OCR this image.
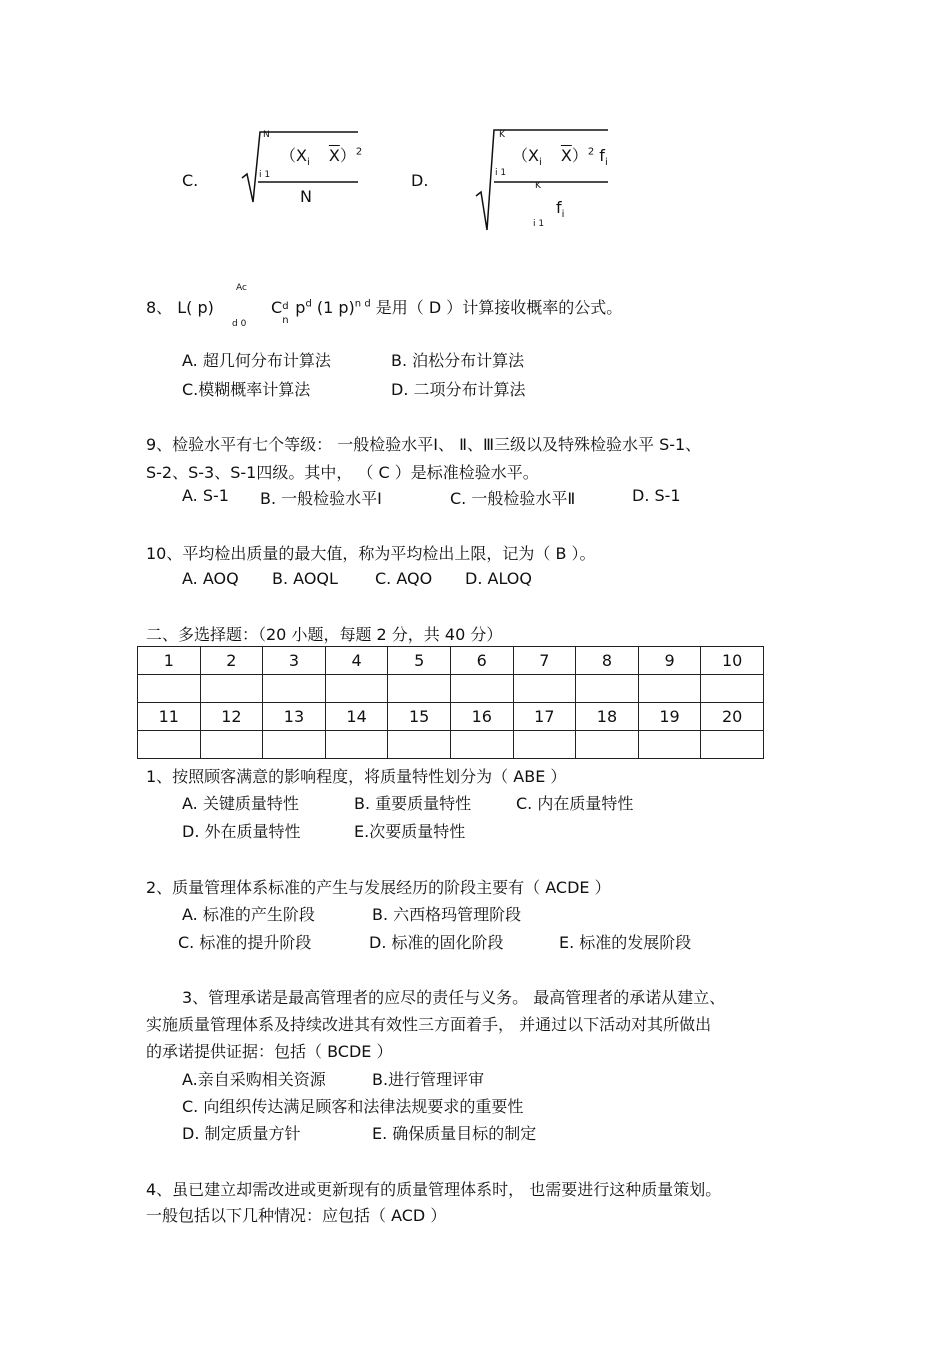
C.
N
（$X_i$ $\overline{X})^2$
i 1
N
D.
K
（$X_i$ $\overline{X})^2$ $f_i$
i 1
K
$f_i$
i 1
Ac
d 0
8、 L( p)	C d
n
$p^d$ (1 p)$^{n d}$ 是用（ D ）计算接收概率的公式。
A. 超几何分布计算法	B. 泊松分布计算法
C.模糊概率计算法	D. 二项分布计算法
9、检验水平有七个等级： 一般检验水平Ⅰ、 Ⅱ、Ⅲ三级以及特殊检验水平 S-1、
S-2、S-3、S-1四级。其中， （ C ）是标准检验水平。
A. S-1 B. 一般检验水平Ⅰ	C. 一般检验水平Ⅱ	D. S-1
10、平均检出质量的最大值，称为平均检出上限，记为（ B ）。
A. AOQ B. AOQL C. AQO D. ALOQ
二、多选择题：（20 小题，每题 2 分，共 40 分）
1	2	3	4	5	6	7	8	9	10

11	12	13	14	15	16	17	18	19	20

1、按照顾客满意的影响程度，将质量特性划分为（ ABE ）
A. 关键质量特性	B. 重要质量特性	C. 内在质量特性
D. 外在质量特性	E.次要质量特性
2、质量管理体系标准的产生与发展经历的阶段主要有（ ACDE ）
A. 标准的产生阶段	B. 六西格玛管理阶段
C. 标准的提升阶段	D. 标准的固化阶段	E. 标准的发展阶段
3、管理承诺是最高管理者的应尽的责任与义务。 最高管理者的承诺从建立、
实施质量管理体系及持续改进其有效性三方面着手， 并通过以下活动对其所做出
的承诺提供证据：包括（ BCDE ）
A.亲自采购相关资源	B.进行管理评审
C. 向组织传达满足顾客和法律法规要求的重要性
D. 制定质量方针	E. 确保质量目标的制定
4、虽已建立却需改进或更新现有的质量管理体系时， 也需要进行这种质量策划。
一般包括以下几种情况：应包括（ ACD ）
